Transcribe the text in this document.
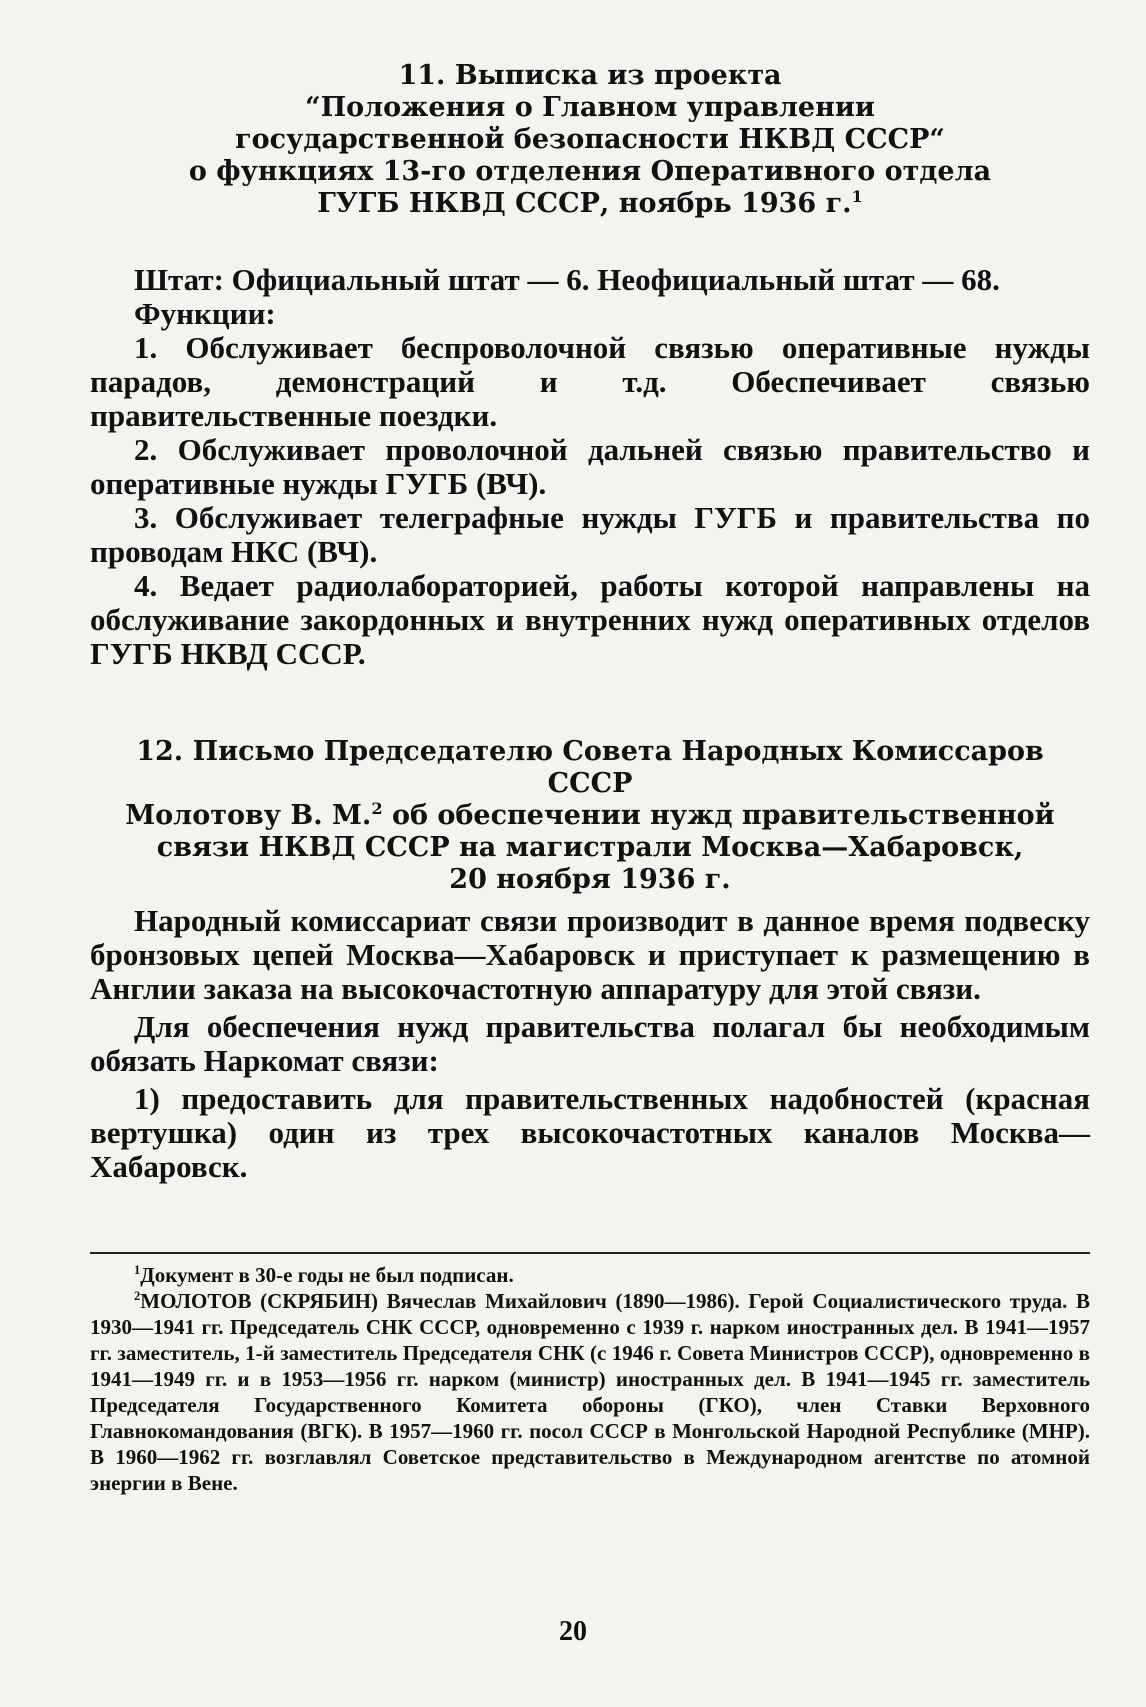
11. Выписка из проекта
“Положения о Главном управлении
государственной безопасности НКВД СССР“
о функциях 13-го отделения Оперативного отдела
ГУГБ НКВД СССР, ноябрь 1936 г.$^1$

Штат: Официальный штат — 6. Неофициальный штат — 68.

Функции:

1. Обслуживает беспроволочной связью оперативные нужды парадов, демонстраций и т.д. Обеспечивает связью правительственные поездки.

2. Обслуживает проволочной дальней связью правительство и оперативные нужды ГУГБ (ВЧ).

3. Обслуживает телеграфные нужды ГУГБ и правительства по проводам НКС (ВЧ).

4. Ведает радиолабораторией, работы которой направлены на обслуживание закордонных и внутренних нужд оперативных отделов ГУГБ НКВД СССР.

12. Письмо Председателю Совета Народных Комиссаров СССР
Молотову В. М.$^2$ об обеспечении нужд правительственной
связи НКВД СССР на магистрали Москва—Хабаровск,
20 ноября 1936 г.

Народный комиссариат связи производит в данное время подвеску бронзовых цепей Москва—Хабаровск и приступает к размещению в Англии заказа на высокочастотную аппаратуру для этой связи.

Для обеспечения нужд правительства полагал бы необходимым обязать Наркомат связи:

1) предоставить для правительственных надобностей (красная вертушка) один из трех высокочастотных каналов Москва—Хабаровск.

$^1$Документ в 30-е годы не был подписан.

$^2$МОЛОТОВ (СКРЯБИН) Вячеслав Михайлович (1890—1986). Герой Социалистического труда. В 1930—1941 гг. Председатель СНК СССР, одновременно с 1939 г. нарком иностранных дел. В 1941—1957 гг. заместитель, 1-й заместитель Председателя СНК (с 1946 г. Совета Министров СССР), одновременно в 1941—1949 гг. и в 1953—1956 гг. нарком (министр) иностранных дел. В 1941—1945 гг. заместитель Председателя Государственного Комитета обороны (ГКО), член Ставки Верховного Главнокомандования (ВГК). В 1957—1960 гг. посол СССР в Монгольской Народной Республике (МНР). В 1960—1962 гг. возглавлял Советское представительство в Международном агентстве по атомной энергии в Вене.

20
